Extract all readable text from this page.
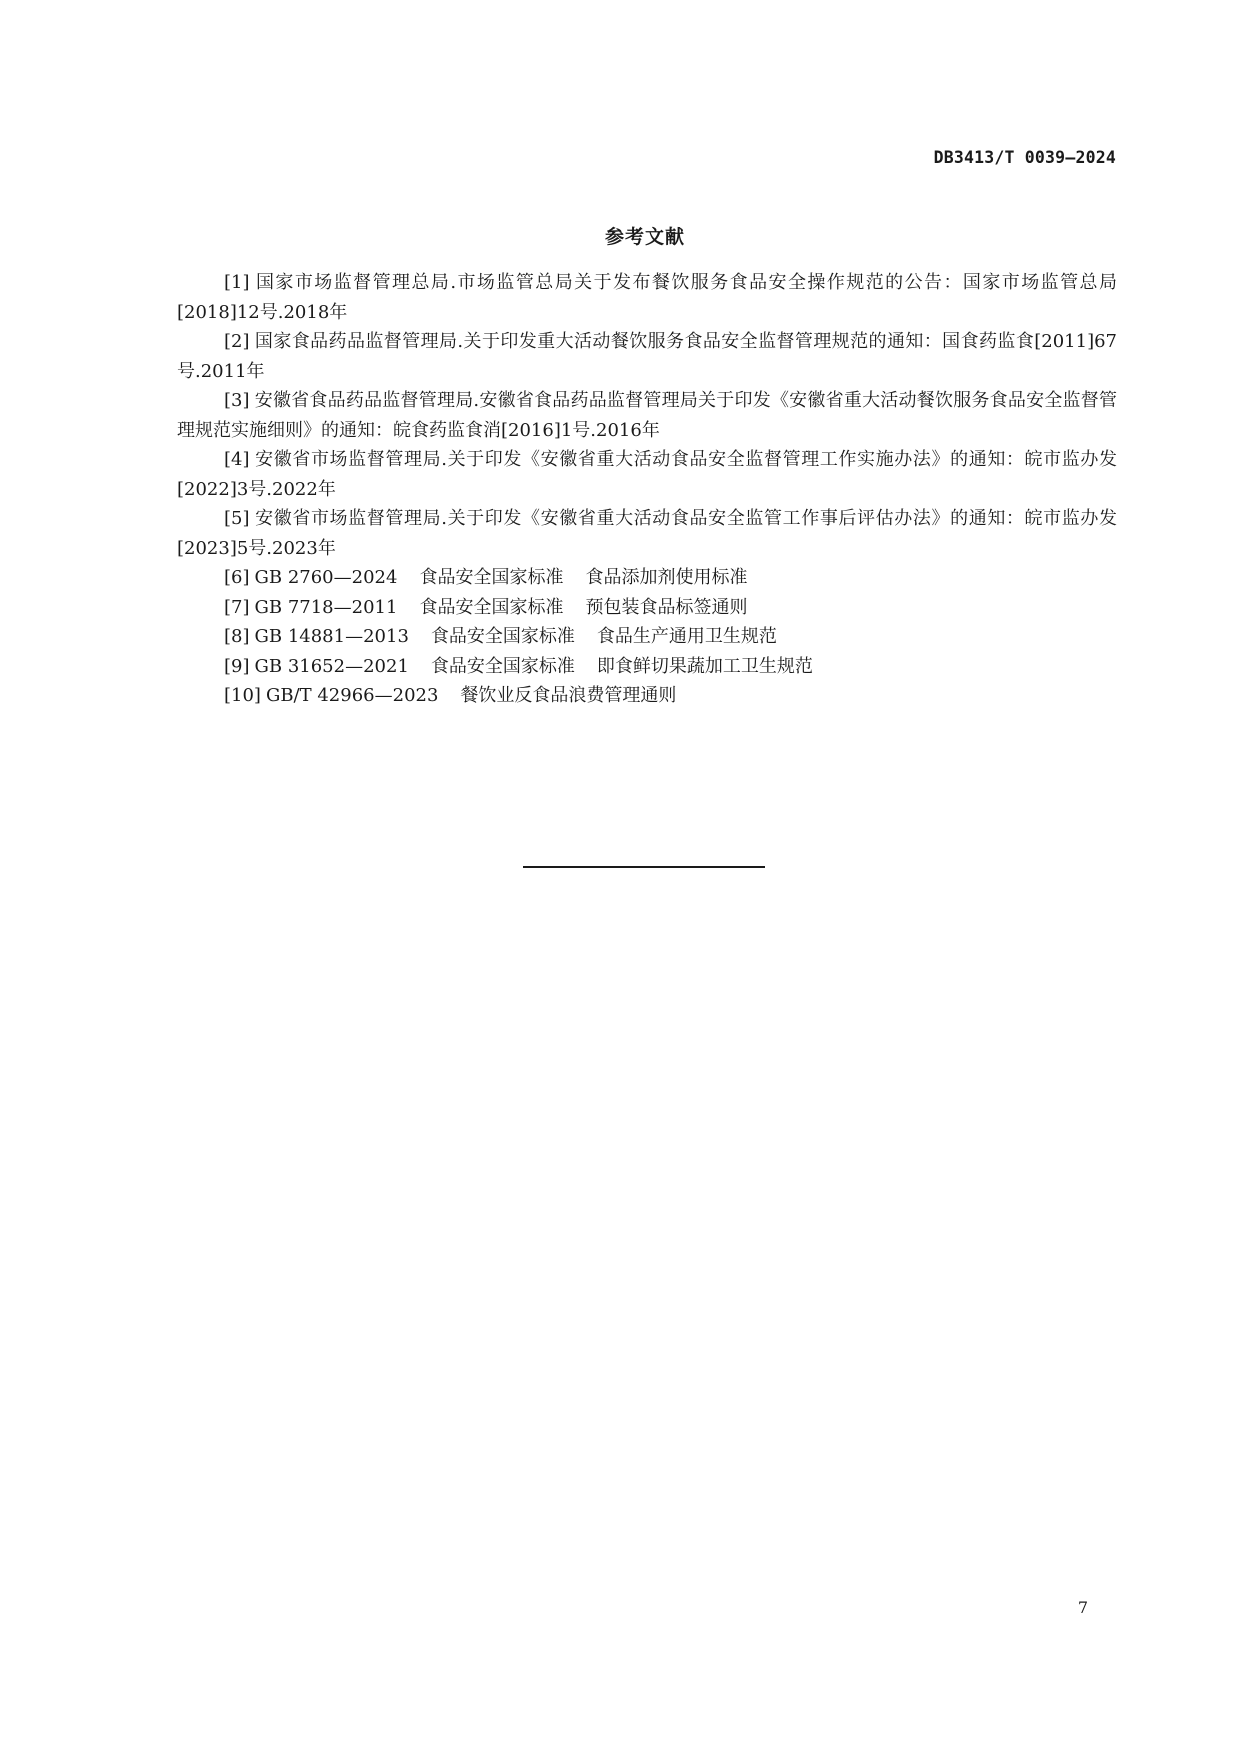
DB3413/T 0039—2024
参考文献

[1] 国家市场监督管理总局.市场监管总局关于发布餐饮服务食品安全操作规范的公告：国家市场监管总局[2018]12号.2018年

[2] 国家食品药品监督管理局.关于印发重大活动餐饮服务食品安全监督管理规范的通知：国食药监食[2011]67号.2011年

[3] 安徽省食品药品监督管理局.安徽省食品药品监督管理局关于印发《安徽省重大活动餐饮服务食品安全监督管理规范实施细则》的通知：皖食药监食消[2016]1号.2016年

[4] 安徽省市场监督管理局.关于印发《安徽省重大活动食品安全监督管理工作实施办法》的通知：皖市监办发[2022]3号.2022年

[5] 安徽省市场监督管理局.关于印发《安徽省重大活动食品安全监管工作事后评估办法》的通知：皖市监办发[2023]5号.2023年

[6] GB 2760—2024 食品安全国家标准 食品添加剂使用标准

[7] GB 7718—2011 食品安全国家标准 预包装食品标签通则

[8] GB 14881—2013 食品安全国家标准 食品生产通用卫生规范

[9] GB 31652—2021 食品安全国家标准 即食鲜切果蔬加工卫生规范

[10] GB/T 42966—2023 餐饮业反食品浪费管理通则

7
